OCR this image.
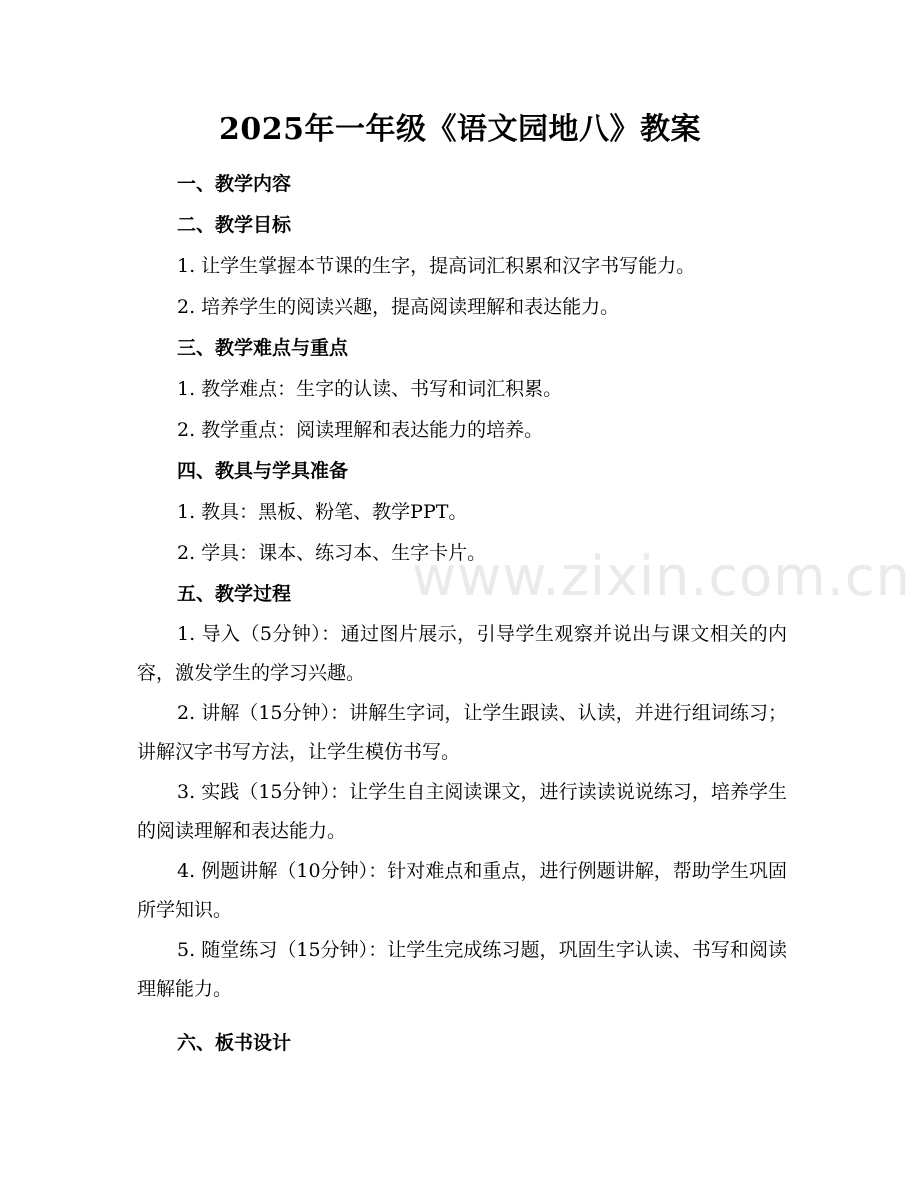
2025年一年级《语文园地八》教案
www.zixin.com.cn
一、教学内容
二、教学目标
1. 让学生掌握本节课的生字，提高词汇积累和汉字书写能力。
2. 培养学生的阅读兴趣，提高阅读理解和表达能力。
三、教学难点与重点
1. 教学难点：生字的认读、书写和词汇积累。
2. 教学重点：阅读理解和表达能力的培养。
四、教具与学具准备
1. 教具：黑板、粉笔、教学PPT。
2. 学具：课本、练习本、生字卡片。
五、教学过程
1. 导入（5分钟）：通过图片展示，引导学生观察并说出与课文相关的内容，激发学生的学习兴趣。
2. 讲解（15分钟）：讲解生字词，让学生跟读、认读，并进行组词练习；讲解汉字书写方法，让学生模仿书写。
3. 实践（15分钟）：让学生自主阅读课文，进行读读说说练习，培养学生的阅读理解和表达能力。
4. 例题讲解（10分钟）：针对难点和重点，进行例题讲解，帮助学生巩固所学知识。
5. 随堂练习（15分钟）：让学生完成练习题，巩固生字认读、书写和阅读理解能力。
六、板书设计
